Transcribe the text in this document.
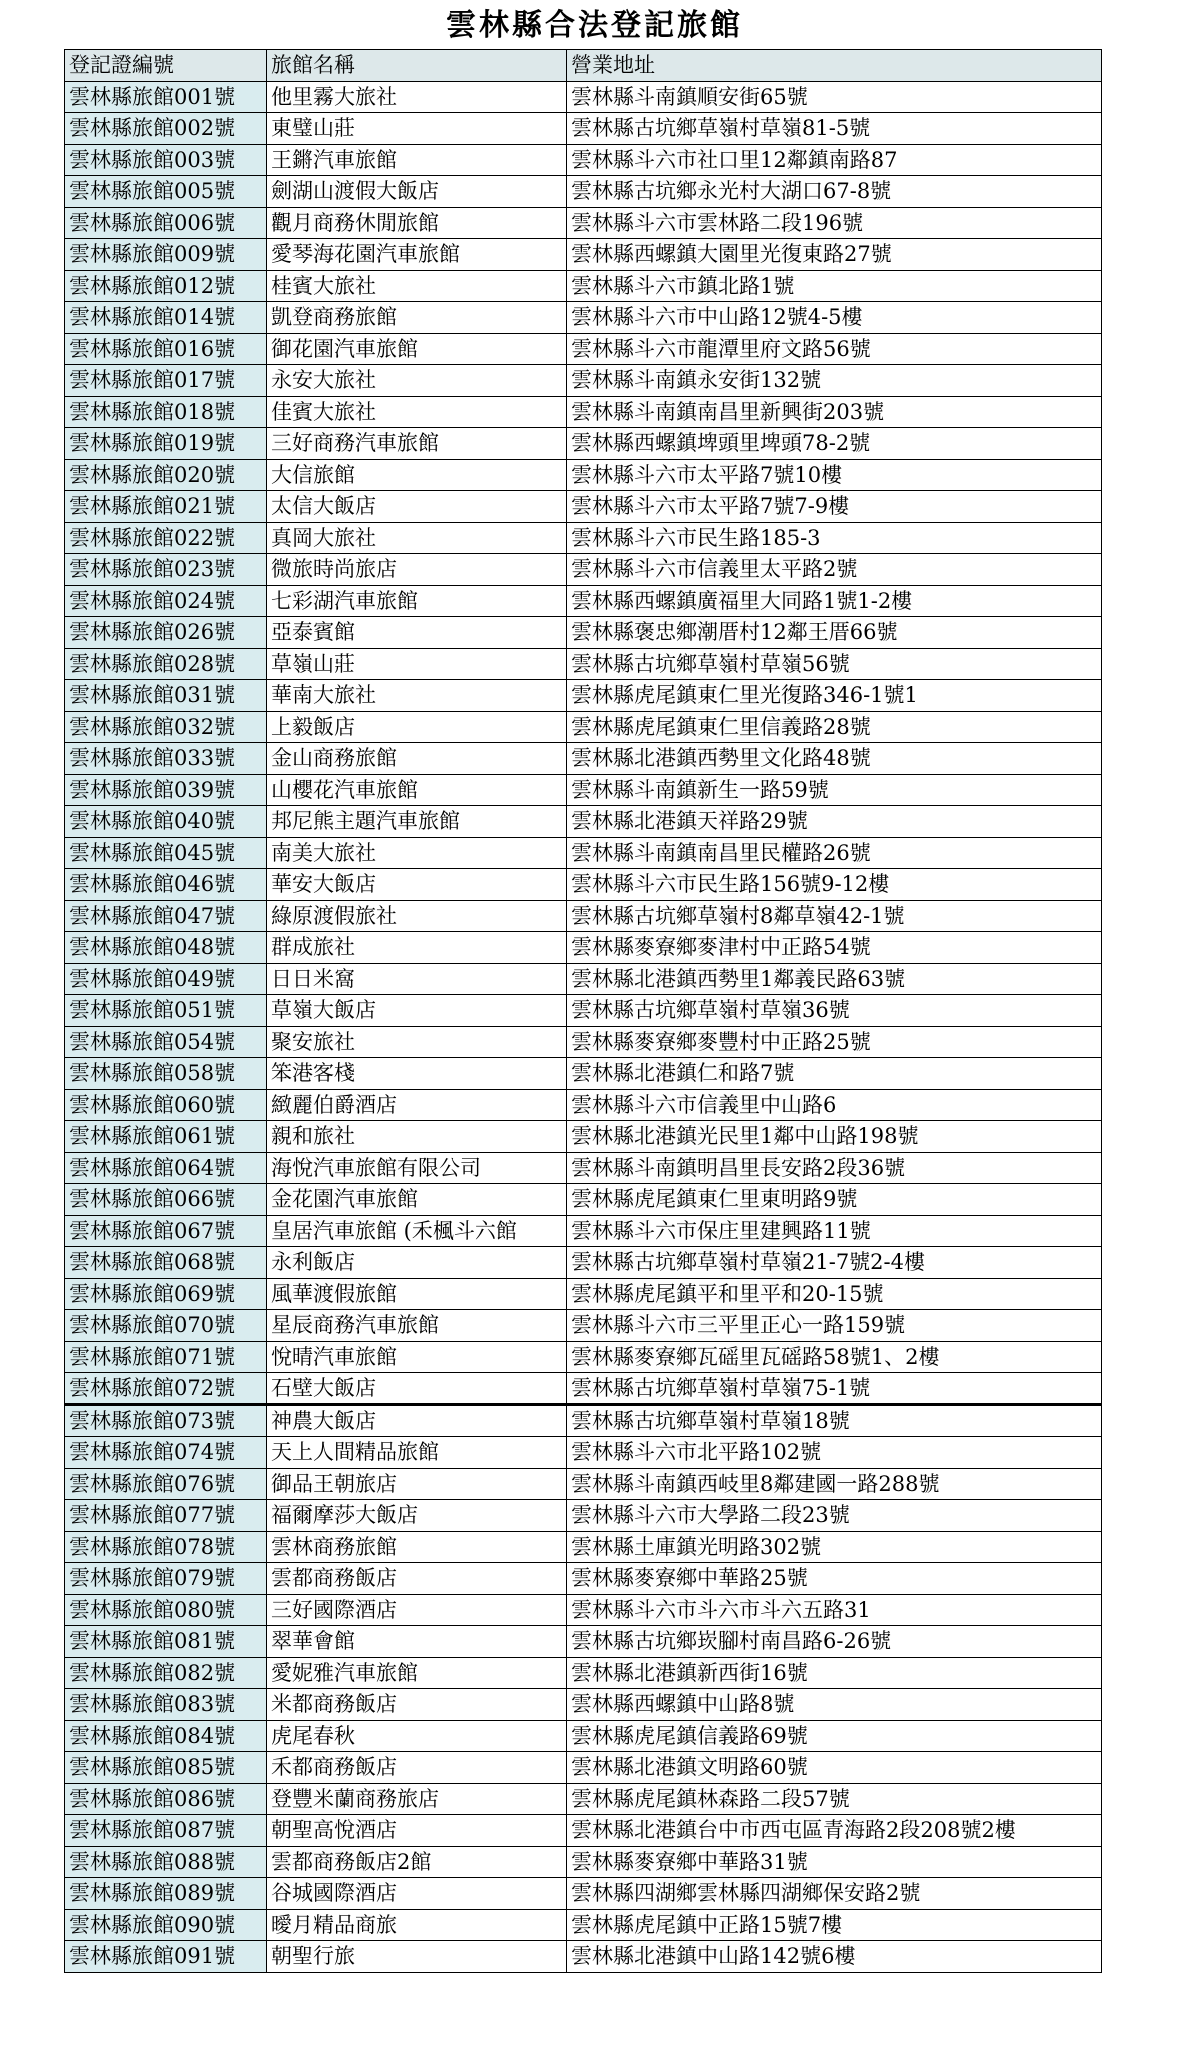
雲林縣合法登記旅館
登記證編號	旅館名稱	營業地址
雲林縣旅館001號	他里霧大旅社	雲林縣斗南鎮順安街65號
雲林縣旅館002號	東璧山莊	雲林縣古坑鄉草嶺村草嶺81-5號
雲林縣旅館003號	王鏘汽車旅館	雲林縣斗六市社口里12鄰鎮南路87
雲林縣旅館005號	劍湖山渡假大飯店	雲林縣古坑鄉永光村大湖口67-8號
雲林縣旅館006號	觀月商務休閒旅館	雲林縣斗六市雲林路二段196號
雲林縣旅館009號	愛琴海花園汽車旅館	雲林縣西螺鎮大園里光復東路27號
雲林縣旅館012號	桂賓大旅社	雲林縣斗六市鎮北路1號
雲林縣旅館014號	凱登商務旅館	雲林縣斗六市中山路12號4-5樓
雲林縣旅館016號	御花園汽車旅館	雲林縣斗六市龍潭里府文路56號
雲林縣旅館017號	永安大旅社	雲林縣斗南鎮永安街132號
雲林縣旅館018號	佳賓大旅社	雲林縣斗南鎮南昌里新興街203號
雲林縣旅館019號	三好商務汽車旅館	雲林縣西螺鎮埤頭里埤頭78-2號
雲林縣旅館020號	大信旅館	雲林縣斗六市太平路7號10樓
雲林縣旅館021號	太信大飯店	雲林縣斗六市太平路7號7-9樓
雲林縣旅館022號	真岡大旅社	雲林縣斗六市民生路185-3
雲林縣旅館023號	微旅時尚旅店	雲林縣斗六市信義里太平路2號
雲林縣旅館024號	七彩湖汽車旅館	雲林縣西螺鎮廣福里大同路1號1-2樓
雲林縣旅館026號	亞泰賓館	雲林縣褒忠鄉潮厝村12鄰王厝66號
雲林縣旅館028號	草嶺山莊	雲林縣古坑鄉草嶺村草嶺56號
雲林縣旅館031號	華南大旅社	雲林縣虎尾鎮東仁里光復路346-1號1
雲林縣旅館032號	上毅飯店	雲林縣虎尾鎮東仁里信義路28號
雲林縣旅館033號	金山商務旅館	雲林縣北港鎮西勢里文化路48號
雲林縣旅館039號	山櫻花汽車旅館	雲林縣斗南鎮新生一路59號
雲林縣旅館040號	邦尼熊主題汽車旅館	雲林縣北港鎮天祥路29號
雲林縣旅館045號	南美大旅社	雲林縣斗南鎮南昌里民權路26號
雲林縣旅館046號	華安大飯店	雲林縣斗六市民生路156號9-12樓
雲林縣旅館047號	綠原渡假旅社	雲林縣古坑鄉草嶺村8鄰草嶺42-1號
雲林縣旅館048號	群成旅社	雲林縣麥寮鄉麥津村中正路54號
雲林縣旅館049號	日日米窩	雲林縣北港鎮西勢里1鄰義民路63號
雲林縣旅館051號	草嶺大飯店	雲林縣古坑鄉草嶺村草嶺36號
雲林縣旅館054號	聚安旅社	雲林縣麥寮鄉麥豐村中正路25號
雲林縣旅館058號	笨港客棧	雲林縣北港鎮仁和路7號
雲林縣旅館060號	緻麗伯爵酒店	雲林縣斗六市信義里中山路6
雲林縣旅館061號	親和旅社	雲林縣北港鎮光民里1鄰中山路198號
雲林縣旅館064號	海悅汽車旅館有限公司	雲林縣斗南鎮明昌里長安路2段36號
雲林縣旅館066號	金花園汽車旅館	雲林縣虎尾鎮東仁里東明路9號
雲林縣旅館067號	皇居汽車旅館 (禾楓斗六館	雲林縣斗六市保庄里建興路11號
雲林縣旅館068號	永利飯店	雲林縣古坑鄉草嶺村草嶺21-7號2-4樓
雲林縣旅館069號	風華渡假旅館	雲林縣虎尾鎮平和里平和20-15號
雲林縣旅館070號	星辰商務汽車旅館	雲林縣斗六市三平里正心一路159號
雲林縣旅館071號	悅晴汽車旅館	雲林縣麥寮鄉瓦磘里瓦磘路58號1、2樓
雲林縣旅館072號	石壁大飯店	雲林縣古坑鄉草嶺村草嶺75-1號
雲林縣旅館073號	神農大飯店	雲林縣古坑鄉草嶺村草嶺18號
雲林縣旅館074號	天上人間精品旅館	雲林縣斗六市北平路102號
雲林縣旅館076號	御品王朝旅店	雲林縣斗南鎮西岐里8鄰建國一路288號
雲林縣旅館077號	福爾摩莎大飯店	雲林縣斗六市大學路二段23號
雲林縣旅館078號	雲林商務旅館	雲林縣土庫鎮光明路302號
雲林縣旅館079號	雲都商務飯店	雲林縣麥寮鄉中華路25號
雲林縣旅館080號	三好國際酒店	雲林縣斗六市斗六市斗六五路31
雲林縣旅館081號	翠華會館	雲林縣古坑鄉崁腳村南昌路6-26號
雲林縣旅館082號	愛妮雅汽車旅館	雲林縣北港鎮新西街16號
雲林縣旅館083號	米都商務飯店	雲林縣西螺鎮中山路8號
雲林縣旅館084號	虎尾春秋	雲林縣虎尾鎮信義路69號
雲林縣旅館085號	禾都商務飯店	雲林縣北港鎮文明路60號
雲林縣旅館086號	登豐米蘭商務旅店	雲林縣虎尾鎮林森路二段57號
雲林縣旅館087號	朝聖高悅酒店	雲林縣北港鎮台中市西屯區青海路2段208號2樓
雲林縣旅館088號	雲都商務飯店2館	雲林縣麥寮鄉中華路31號
雲林縣旅館089號	谷城國際酒店	雲林縣四湖鄉雲林縣四湖鄉保安路2號
雲林縣旅館090號	曖月精品商旅	雲林縣虎尾鎮中正路15號7樓
雲林縣旅館091號	朝聖行旅	雲林縣北港鎮中山路142號6樓
